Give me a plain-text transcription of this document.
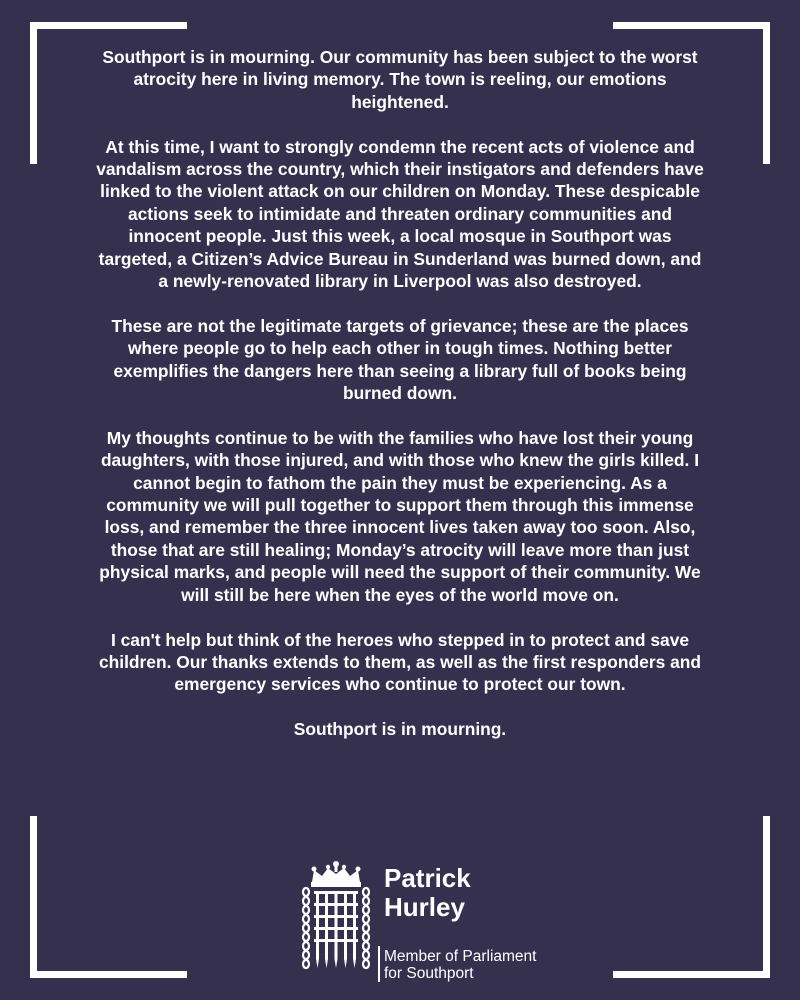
Southport is in mourning. Our community has been subject to the worst atrocity here in living memory. The town is reeling, our emotions heightened.

At this time, I want to strongly condemn the recent acts of violence and vandalism across the country, which their instigators and defenders have linked to the violent attack on our children on Monday. These despicable actions seek to intimidate and threaten ordinary communities and innocent people. Just this week, a local mosque in Southport was targeted, a Citizen’s Advice Bureau in Sunderland was burned down, and a newly-renovated library in Liverpool was also destroyed.

These are not the legitimate targets of grievance; these are the places where people go to help each other in tough times. Nothing better exemplifies the dangers here than seeing a library full of books being burned down.

My thoughts continue to be with the families who have lost their young daughters, with those injured, and with those who knew the girls killed. I cannot begin to fathom the pain they must be experiencing. As a community we will pull together to support them through this immense loss, and remember the three innocent lives taken away too soon. Also, those that are still healing; Monday’s atrocity will leave more than just physical marks, and people will need the support of their community. We will still be here when the eyes of the world move on.

I can't help but think of the heroes who stepped in to protect and save children. Our thanks extends to them, as well as the first responders and emergency services who continue to protect our town.

Southport is in mourning.

Patrick
Hurley
Member of Parliament
for Southport
